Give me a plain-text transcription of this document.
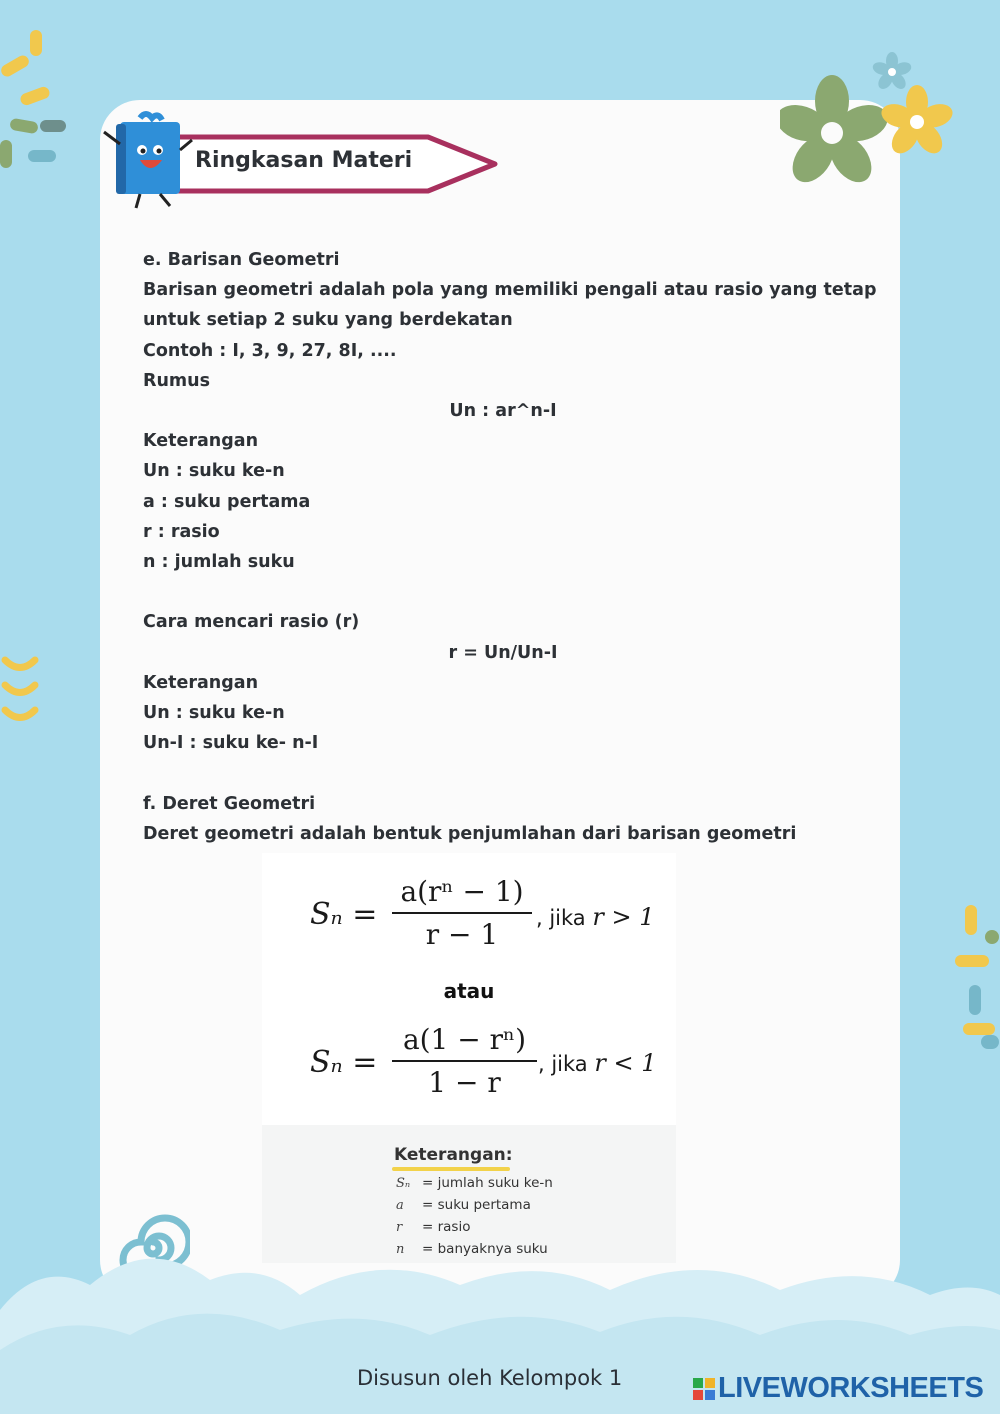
Ringkasan Materi
e. Barisan Geometri
Barisan geometri adalah pola yang memiliki pengali atau rasio yang tetap
untuk setiap 2 suku yang berdekatan
Contoh : I, 3, 9, 27, 8I, ....
Rumus
Un : ar^n-I
Keterangan
Un : suku ke-n
a : suku pertama
r : rasio
n : jumlah suku
Cara mencari rasio (r)
r = Un/Un-I
Keterangan
Un : suku ke-n
Un-I : suku ke- n-I
f. Deret Geometri
Deret geometri adalah bentuk penjumlahan dari barisan geometri
Sₙ =
a(rⁿ − 1)
r − 1	, jika r > 1
atau
Sₙ =
a(1 − rⁿ)
1 − r
, jika r < 1
Keterangan:
Sₙ = jumlah suku ke-n
a = suku pertama
r = rasio
n = banyaknya suku
Disusun oleh Kelompok 1	LIVEWORKSHEETS
